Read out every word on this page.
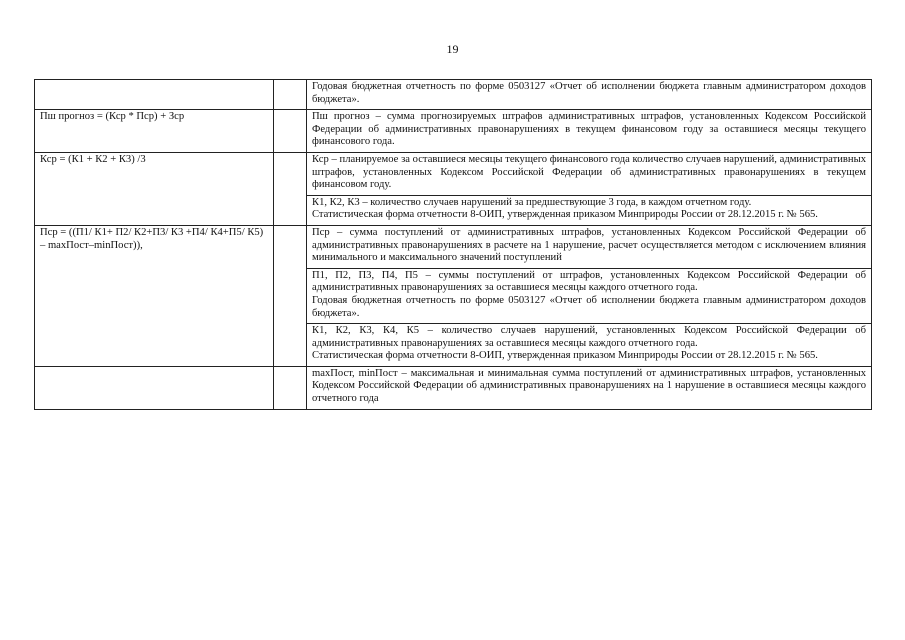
19

		Годовая бюджетная отчетность по форме 0503127 «Отчет об исполнении бюджета главным администратором доходов бюджета».

Пш прогноз = (Кср * Пср) + Зср		Пш прогноз – сумма прогнозируемых штрафов административных штрафов, установленных Кодексом Российской Федерации об административных правонарушениях в текущем финансовом году за оставшиеся месяцы текущего финансового года.

Кср = (К1 + К2 + К3) /3		Кср – планируемое за оставшиеся месяцы текущего финансового года количество случаев нарушений, административных штрафов, установленных Кодексом Российской Федерации об административных правонарушениях в текущем финансовом году.

		К1, К2, К3 – количество случаев нарушений за предшествующие 3 года, в каждом отчетном году.
Статистическая форма отчетности 8-ОИП, утвержденная приказом Минприроды России от 28.12.2015 г. № 565.

Пср = ((П1/ К1+ П2/ К2+П3/ К3 +П4/ К4+П5/ К5) – maxПост–minПост)),		Пср – сумма поступлений от административных штрафов, установленных Кодексом Российской Федерации об административных правонарушениях в расчете на 1 нарушение, расчет осуществляется методом с исключением влияния минимального и максимального значений поступлений

		П1, П2, П3, П4, П5 – суммы поступлений от штрафов, установленных Кодексом Российской Федерации об административных правонарушениях за оставшиеся месяцы каждого отчетного года.
Годовая бюджетная отчетность по форме 0503127 «Отчет об исполнении бюджета главным администратором доходов бюджета».

		К1, К2, К3, К4, К5 – количество случаев нарушений, установленных Кодексом Российской Федерации об административных правонарушениях за оставшиеся месяцы каждого отчетного года.
Статистическая форма отчетности 8-ОИП, утвержденная приказом Минприроды России от 28.12.2015 г. № 565.

		maxПост, minПост – максимальная и минимальная сумма поступлений от административных штрафов, установленных Кодексом Российской Федерации об административных правонарушениях на 1 нарушение в оставшиеся месяцы каждого отчетного года
